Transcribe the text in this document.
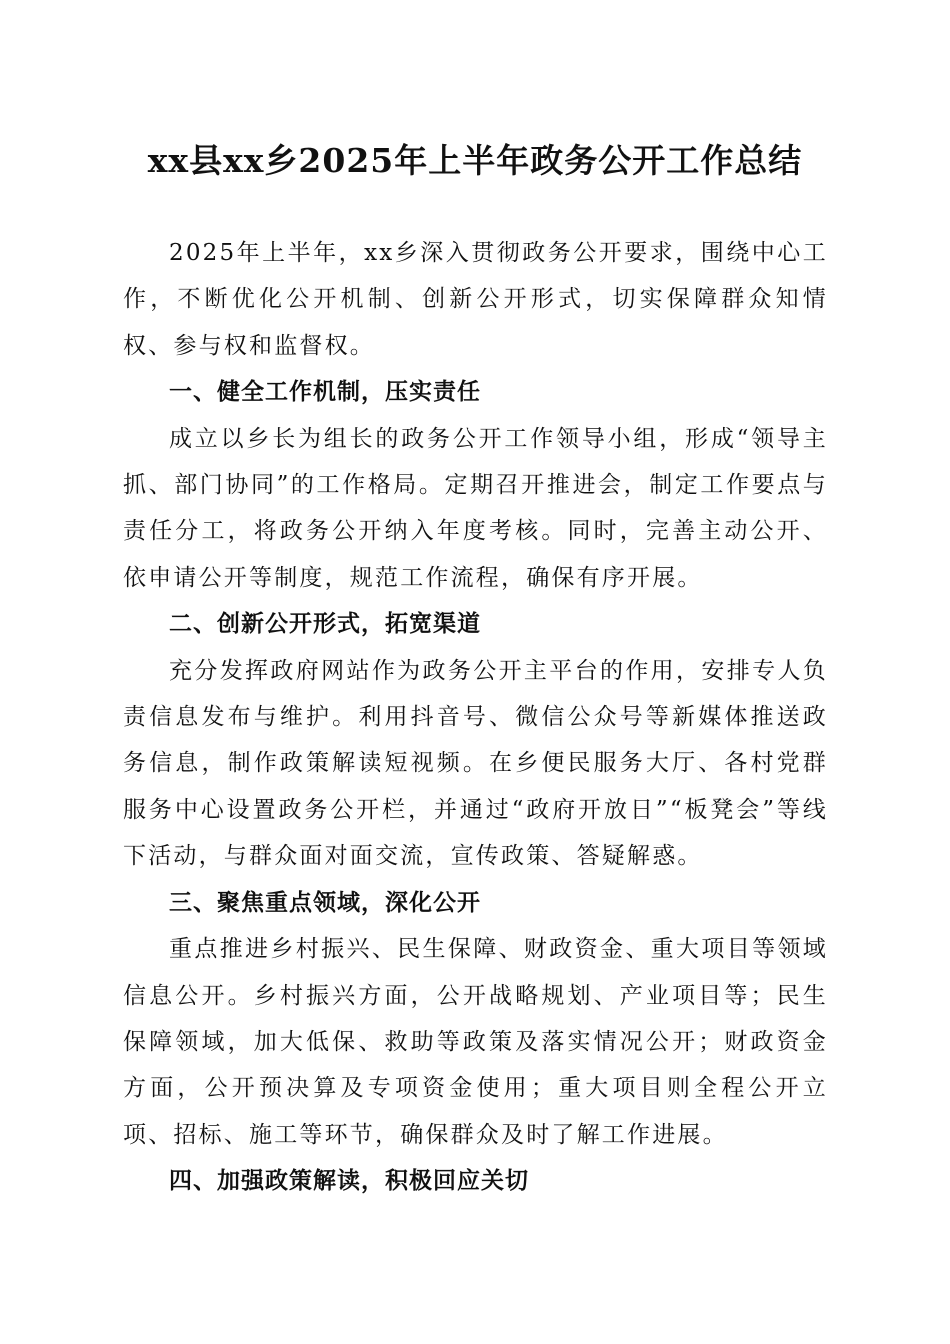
xx县xx乡2025年上半年政务公开工作总结

2025年上半年，xx乡深入贯彻政务公开要求，围绕中心工作，不断优化公开机制、创新公开形式，切实保障群众知情权、参与权和监督权。

一、健全工作机制，压实责任

成立以乡长为组长的政务公开工作领导小组，形成“领导主抓、部门协同”的工作格局。定期召开推进会，制定工作要点与责任分工，将政务公开纳入年度考核。同时，完善主动公开、依申请公开等制度，规范工作流程，确保有序开展。

二、创新公开形式，拓宽渠道

充分发挥政府网站作为政务公开主平台的作用，安排专人负责信息发布与维护。利用抖音号、微信公众号等新媒体推送政务信息，制作政策解读短视频。在乡便民服务大厅、各村党群服务中心设置政务公开栏，并通过“政府开放日”“板凳会”等线下活动，与群众面对面交流，宣传政策、答疑解惑。

三、聚焦重点领域，深化公开

重点推进乡村振兴、民生保障、财政资金、重大项目等领域信息公开。乡村振兴方面，公开战略规划、产业项目等；民生保障领域，加大低保、救助等政策及落实情况公开；财政资金方面，公开预决算及专项资金使用；重大项目则全程公开立项、招标、施工等环节，确保群众及时了解工作进展。

四、加强政策解读，积极回应关切
